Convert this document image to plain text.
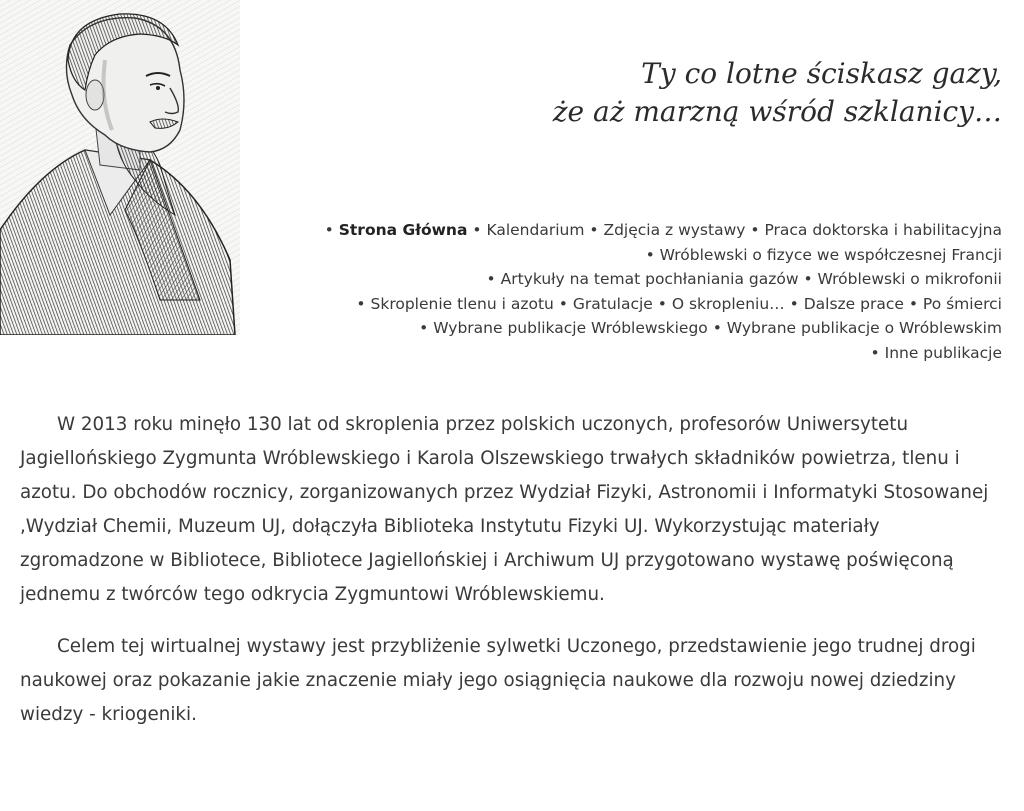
Ty co lotne ściskasz gazy,
że aż marzną wśród szklanicy…
• Strona Główna • Kalendarium • Zdjęcia z wystawy • Praca doktorska i habilitacyjna
• Wróblewski o fizyce we współczesnej Francji
• Artykuły na temat pochłaniania gazów • Wróblewski o mikrofonii
• Skroplenie tlenu i azotu • Gratulacje • O skropleniu… • Dalsze prace • Po śmierci
• Wybrane publikacje Wróblewskiego • Wybrane publikacje o Wróblewskim
• Inne publikacje

W 2013 roku minęło 130 lat od skroplenia przez polskich uczonych, profesorów Uniwersytetu Jagiellońskiego Zygmunta Wróblewskiego i Karola Olszewskiego trwałych składników powietrza, tlenu i azotu. Do obchodów rocznicy, zorganizowanych przez Wydział Fizyki, Astronomii i Informatyki Stosowanej ,Wydział Chemii, Muzeum UJ, dołączyła Biblioteka Instytutu Fizyki UJ. Wykorzystując materiały zgromadzone w Bibliotece, Bibliotece Jagiellońskiej i Archiwum UJ przygotowano wystawę poświęconą jednemu z twórców tego odkrycia Zygmuntowi Wróblewskiemu.

Celem tej wirtualnej wystawy jest przybliżenie sylwetki Uczonego, przedstawienie jego trudnej drogi naukowej oraz pokazanie jakie znaczenie miały jego osiągnięcia naukowe dla rozwoju nowej dziedziny wiedzy - kriogeniki.
